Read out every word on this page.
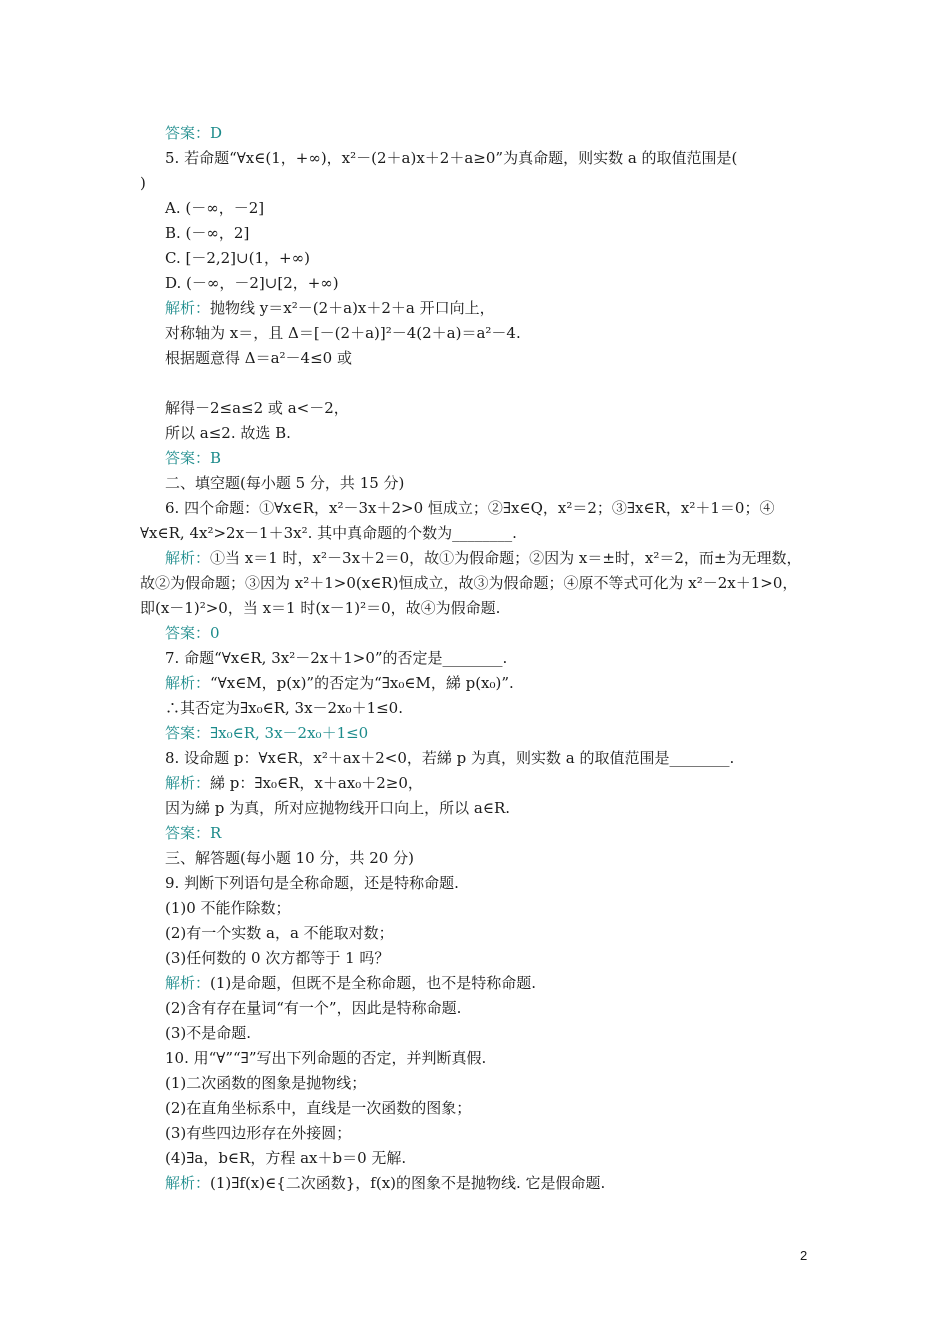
答案：D
5. 若命题“∀x∈(1，+∞)，x²－(2＋a)x＋2＋a≥0”为真命题，则实数 a 的取值范围是(
)
A. (－∞，－2]
B. (－∞，2]
C. [－2,2]∪(1，+∞)
D. (－∞，－2]∪[2，+∞)
解析：抛物线 y＝x²－(2＋a)x＋2＋a 开口向上，
对称轴为 x＝，且 Δ＝[－(2＋a)]²－4(2＋a)＝a²－4.
根据题意得 Δ＝a²－4≤0 或
解得－2≤a≤2 或 a<－2，
所以 a≤2. 故选 B.
答案：B
二、填空题(每小题 5 分，共 15 分)
6. 四个命题：①∀x∈R，x²－3x＋2>0 恒成立；②∃x∈Q，x²＝2；③∃x∈R，x²＋1＝0；④
∀x∈R, 4x²>2x－1＋3x². 其中真命题的个数为________.
解析：①当 x＝1 时，x²－3x＋2＝0，故①为假命题；②因为 x＝±时，x²＝2，而±为无理数，
故②为假命题；③因为 x²＋1>0(x∈R)恒成立，故③为假命题；④原不等式可化为 x²－2x＋1>0，
即(x－1)²>0，当 x＝1 时(x－1)²＝0，故④为假命题.
答案：0
7. 命题“∀x∈R, 3x²－2x＋1>0”的否定是________.
解析：“∀x∈M，p(x)”的否定为“∃x₀∈M，綈 p(x₀)”.
∴其否定为∃x₀∈R, 3x－2x₀＋1≤0.
答案：∃x₀∈R, 3x－2x₀＋1≤0
8. 设命题 p：∀x∈R，x²＋ax＋2<0，若綈 p 为真，则实数 a 的取值范围是________.
解析：綈 p：∃x₀∈R，x＋ax₀＋2≥0，
因为綈 p 为真，所对应抛物线开口向上，所以 a∈R.
答案：R
三、解答题(每小题 10 分，共 20 分)
9. 判断下列语句是全称命题，还是特称命题.
(1)0 不能作除数；
(2)有一个实数 a，a 不能取对数；
(3)任何数的 0 次方都等于 1 吗？
解析：(1)是命题，但既不是全称命题，也不是特称命题.
(2)含有存在量词“有一个”，因此是特称命题.
(3)不是命题.
10. 用“∀”“∃”写出下列命题的否定，并判断真假.
(1)二次函数的图象是抛物线；
(2)在直角坐标系中，直线是一次函数的图象；
(3)有些四边形存在外接圆；
(4)∃a，b∈R，方程 ax＋b＝0 无解.
解析：(1)∃f(x)∈{二次函数}，f(x)的图象不是抛物线. 它是假命题.
2
